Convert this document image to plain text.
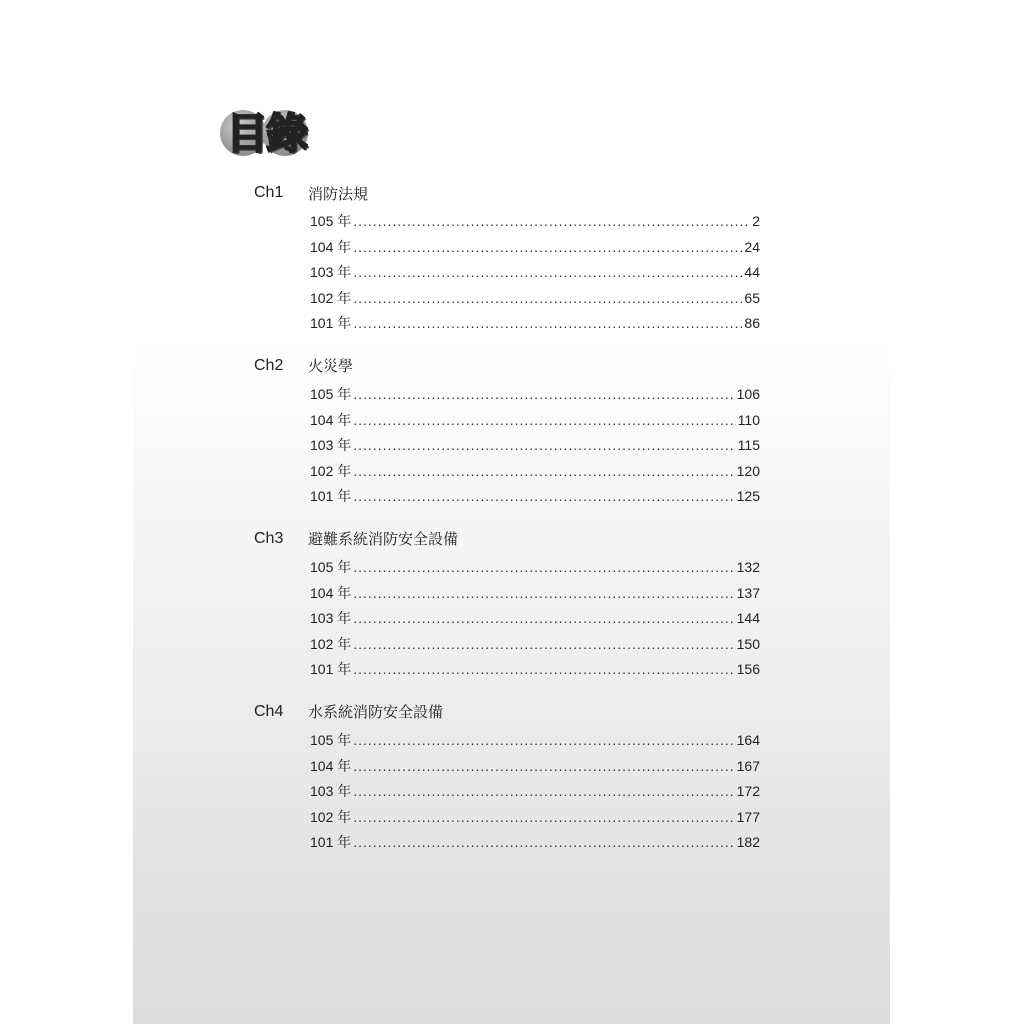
目錄
Ch1	消防法規
105 年 .....	2
104 年 .....	24
103 年 .....	44
102 年 .....	65
101 年 .....	86
Ch2	火災學
105 年 .....	106
104 年 .....	110
103 年 .....	115
102 年 .....	120
101 年 .....	125
Ch3	避難系統消防安全設備
105 年 .....	132
104 年 .....	137
103 年 .....	144
102 年 .....	150
101 年 .....	156
Ch4	水系統消防安全設備
105 年 .....	164
104 年 .....	167
103 年 .....	172
102 年 .....	177
101 年 .....	182
